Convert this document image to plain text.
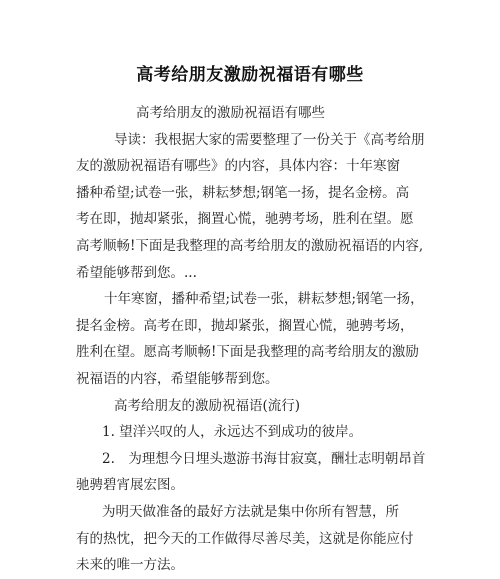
高考给朋友激励祝福语有哪些
高考给朋友的激励祝福语有哪些
导读：我根据大家的需要整理了一份关于《高考给朋
友的激励祝福语有哪些》的内容，具体内容：十年寒窗
播种希望;试卷一张，耕耘梦想;钢笔一扬，提名金榜。高
考在即，抛却紧张，搁置心慌，驰骋考场，胜利在望。愿
高考顺畅!下面是我整理的高考给朋友的激励祝福语的内容,
希望能够帮到您。...
十年寒窗，播种希望;试卷一张，耕耘梦想;钢笔一扬，
提名金榜。高考在即，抛却紧张，搁置心慌，驰骋考场，
胜利在望。愿高考顺畅!下面是我整理的高考给朋友的激励
祝福语的内容，希望能够帮到您。
高考给朋友的激励祝福语(流行)
1. 望洋兴叹的人，永远达不到成功的彼岸。
2.　为理想今日埋头遨游书海甘寂寞，酬壮志明朝昂首
驰骋碧宵展宏图。
为明天做准备的最好方法就是集中你所有智慧，所
有的热忱，把今天的工作做得尽善尽美，这就是你能应付
未来的唯一方法。
